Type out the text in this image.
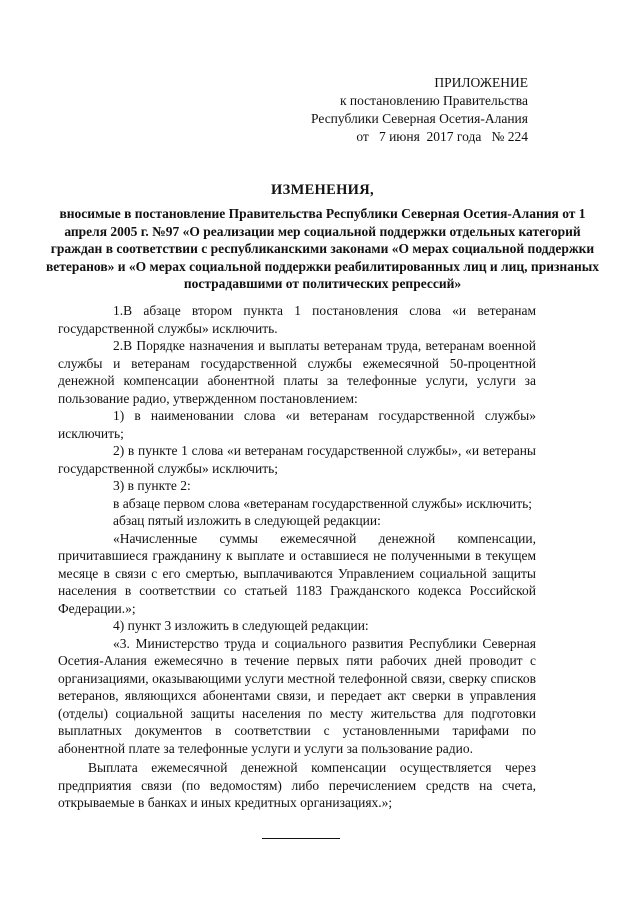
ПРИЛОЖЕНИЕ
к постановлению Правительства
Республики Северная Осетия-Алания
от   7 июня  2017 года   № 224
ИЗМЕНЕНИЯ,
вносимые в постановление Правительства Республики Северная Осетия-Алания от 1 апреля 2005 г. №97 «О реализации мер социальной поддержки отдельных категорий граждан в соответствии с республиканскими законами «О мерах социальной поддержки ветеранов» и «О мерах социальной поддержки реабилитированных лиц и лиц, признаных пострадавшими от политических репрессий»

1.В абзаце втором пункта 1 постановления слова «и ветеранам государственной службы» исключить.

2.В Порядке назначения и выплаты ветеранам труда, ветеранам военной службы и ветеранам государственной службы ежемесячной 50-процентной денежной компенсации абонентной платы за телефонные услуги, услуги за пользование радио, утвержденном постановлением:

1) в наименовании слова «и ветеранам государственной службы» исключить;

2) в пункте 1 слова «и ветеранам государственной службы», «и ветераны государственной службы» исключить;

3) в пункте 2:

в абзаце первом слова «ветеранам государственной службы» исключить;

абзац пятый изложить в следующей редакции:

«Начисленные суммы ежемесячной денежной компенсации, причитавшиеся гражданину к выплате и оставшиеся не полученными в текущем месяце в связи с его смертью, выплачиваются Управлением социальной защиты населения в соответствии со статьей 1183 Гражданского кодекса Российской Федерации.»;

4) пункт 3 изложить в следующей редакции:

«3. Министерство труда и социального развития Республики Северная Осетия-Алания ежемесячно в течение первых пяти рабочих дней проводит с организациями, оказывающими услуги местной телефонной связи, сверку списков ветеранов, являющихся абонентами связи, и передает акт сверки в управления (отделы) социальной защиты населения по месту жительства для подготовки выплатных документов в соответствии с установленными тарифами по абонентной плате за телефонные услуги и услуги за пользование радио.

Выплата ежемесячной денежной компенсации осуществляется через предприятия связи (по ведомостям) либо перечислением средств на счета, открываемые в банках и иных кредитных организациях.»;
